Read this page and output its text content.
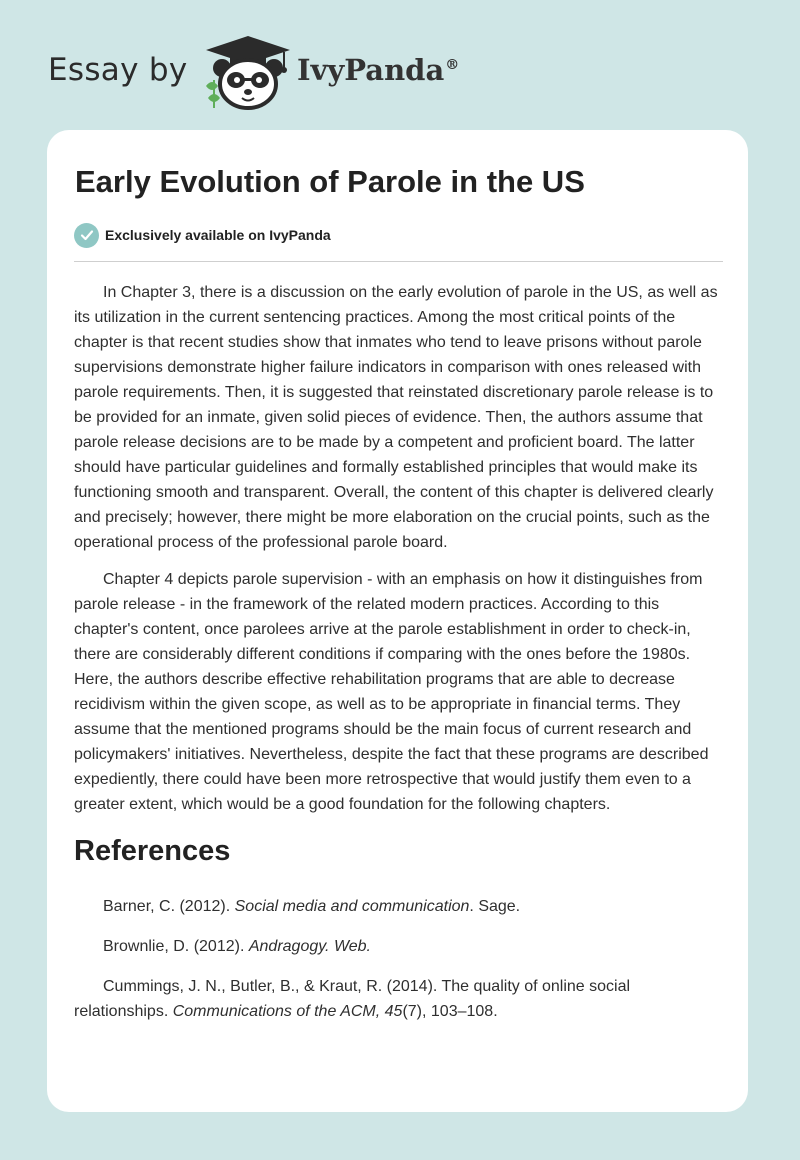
Essay by	IvyPanda®
Early Evolution of Parole in the US
Exclusively available on IvyPanda

In Chapter 3, there is a discussion on the early evolution of parole in the US, as well as its utilization in the current sentencing practices. Among the most critical points of the chapter is that recent studies show that inmates who tend to leave prisons without parole supervisions demonstrate higher failure indicators in comparison with ones released with parole requirements. Then, it is suggested that reinstated discretionary parole release is to be provided for an inmate, given solid pieces of evidence. Then, the authors assume that parole release decisions are to be made by a competent and proficient board. The latter should have particular guidelines and formally established principles that would make its functioning smooth and transparent. Overall, the content of this chapter is delivered clearly and precisely; however, there might be more elaboration on the crucial points, such as the operational process of the professional parole board.

Chapter 4 depicts parole supervision - with an emphasis on how it distinguishes from parole release - in the framework of the related modern practices. According to this chapter's content, once parolees arrive at the parole establishment in order to check-in, there are considerably different conditions if comparing with the ones before the 1980s. Here, the authors describe effective rehabilitation programs that are able to decrease recidivism within the given scope, as well as to be appropriate in financial terms. They assume that the mentioned programs should be the main focus of current research and policymakers' initiatives. Nevertheless, despite the fact that these programs are described expediently, there could have been more retrospective that would justify them even to a greater extent, which would be a good foundation for the following chapters.

References

Barner, C. (2012). Social media and communication. Sage.

Brownlie, D. (2012). Andragogy. Web.

Cummings, J. N., Butler, B., & Kraut, R. (2014). The quality of online social relationships. Communications of the ACM, 45(7), 103–108.
